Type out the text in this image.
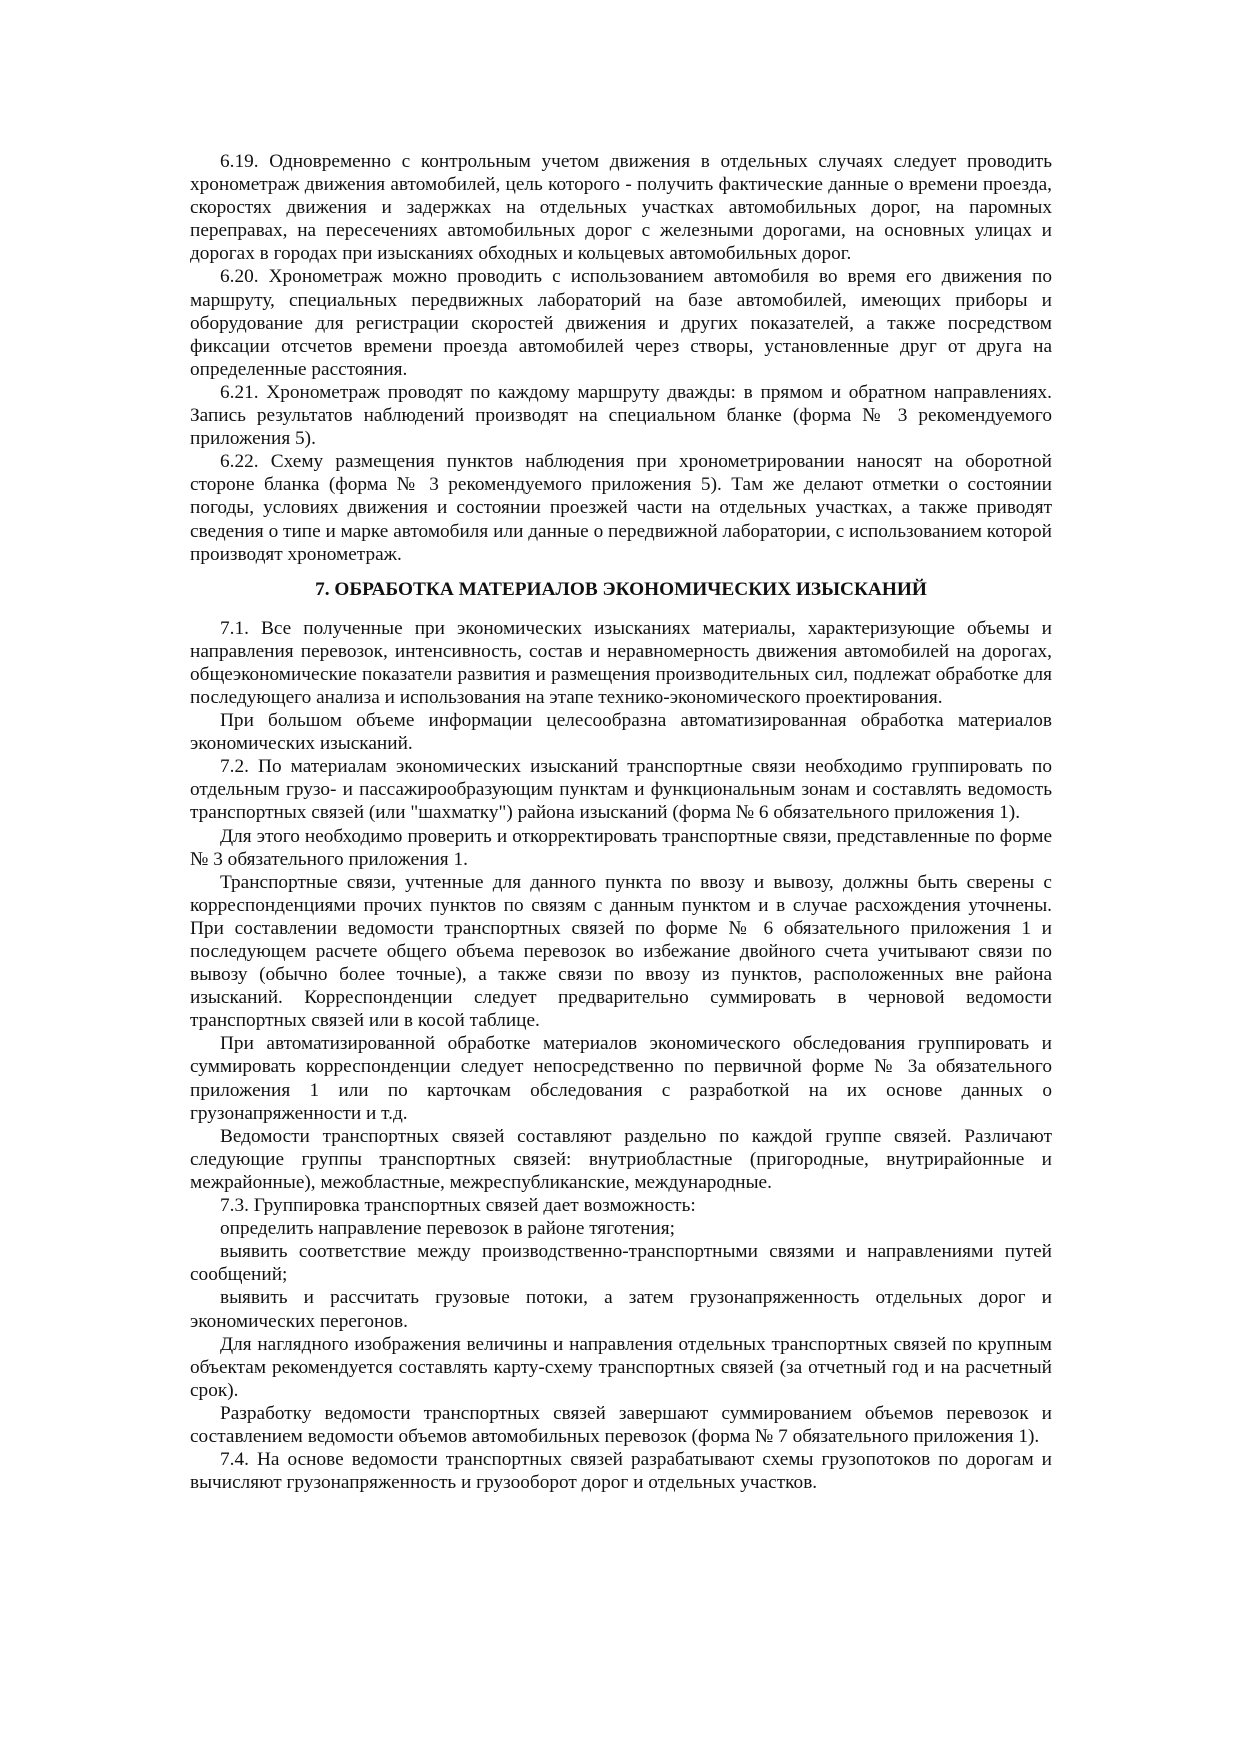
6.19. Одновременно с контрольным учетом движения в отдельных случаях следует проводить хронометраж движения автомобилей, цель которого - получить фактические данные о времени проезда, скоростях движения и задержках на отдельных участках автомобильных дорог, на паромных переправах, на пересечениях автомобильных дорог с железными дорогами, на основных улицах и дорогах в городах при изысканиях обходных и кольцевых автомобильных дорог.

6.20. Хронометраж можно проводить с использованием автомобиля во время его движения по маршруту, специальных передвижных лабораторий на базе автомобилей, имеющих приборы и оборудование для регистрации скоростей движения и других показателей, а также посредством фиксации отсчетов времени проезда автомобилей через створы, установленные друг от друга на определенные расстояния.

6.21. Хронометраж проводят по каждому маршруту дважды: в прямом и обратном направлениях. Запись результатов наблюдений производят на специальном бланке (форма № 3 рекомендуемого приложения 5).

6.22. Схему размещения пунктов наблюдения при хронометрировании наносят на оборотной стороне бланка (форма № 3 рекомендуемого приложения 5). Там же делают отметки о состоянии погоды, условиях движения и состоянии проезжей части на отдельных участках, а также приводят сведения о типе и марке автомобиля или данные о передвижной лаборатории, с использованием которой производят хронометраж.

7. ОБРАБОТКА МАТЕРИАЛОВ ЭКОНОМИЧЕСКИХ ИЗЫСКАНИЙ

7.1. Все полученные при экономических изысканиях материалы, характеризующие объемы и направления перевозок, интенсивность, состав и неравномерность движения автомобилей на дорогах, общеэкономические показатели развития и размещения производительных сил, подлежат обработке для последующего анализа и использования на этапе технико-экономического проектирования.

При большом объеме информации целесообразна автоматизированная обработка материалов экономических изысканий.

7.2. По материалам экономических изысканий транспортные связи необходимо группировать по отдельным грузо- и пассажирообразующим пунктам и функциональным зонам и составлять ведомость транспортных связей (или "шахматку") района изысканий (форма № 6 обязательного приложения 1).

Для этого необходимо проверить и откорректировать транспортные связи, представленные по форме № 3 обязательного приложения 1.

Транспортные связи, учтенные для данного пункта по ввозу и вывозу, должны быть сверены с корреспонденциями прочих пунктов по связям с данным пунктом и в случае расхождения уточнены. При составлении ведомости транспортных связей по форме № 6 обязательного приложения 1 и последующем расчете общего объема перевозок во избежание двойного счета учитывают связи по вывозу (обычно более точные), а также связи по ввозу из пунктов, расположенных вне района изысканий. Корреспонденции следует предварительно суммировать в черновой ведомости транспортных связей или в косой таблице.

При автоматизированной обработке материалов экономического обследования группировать и суммировать корреспонденции следует непосредственно по первичной форме № 3а обязательного приложения 1 или по карточкам обследования с разработкой на их основе данных о грузонапряженности и т.д.

Ведомости транспортных связей составляют раздельно по каждой группе связей. Различают следующие группы транспортных связей: внутриобластные (пригородные, внутрирайонные и межрайонные), межобластные, межреспубликанские, международные.

7.3. Группировка транспортных связей дает возможность:

определить направление перевозок в районе тяготения;

выявить соответствие между производственно-транспортными связями и направлениями путей сообщений;

выявить и рассчитать грузовые потоки, а затем грузонапряженность отдельных дорог и экономических перегонов.

Для наглядного изображения величины и направления отдельных транспортных связей по крупным объектам рекомендуется составлять карту-схему транспортных связей (за отчетный год и на расчетный срок).

Разработку ведомости транспортных связей завершают суммированием объемов перевозок и составлением ведомости объемов автомобильных перевозок (форма № 7 обязательного приложения 1).

7.4. На основе ведомости транспортных связей разрабатывают схемы грузопотоков по дорогам и вычисляют грузонапряженность и грузооборот дорог и отдельных участков.
